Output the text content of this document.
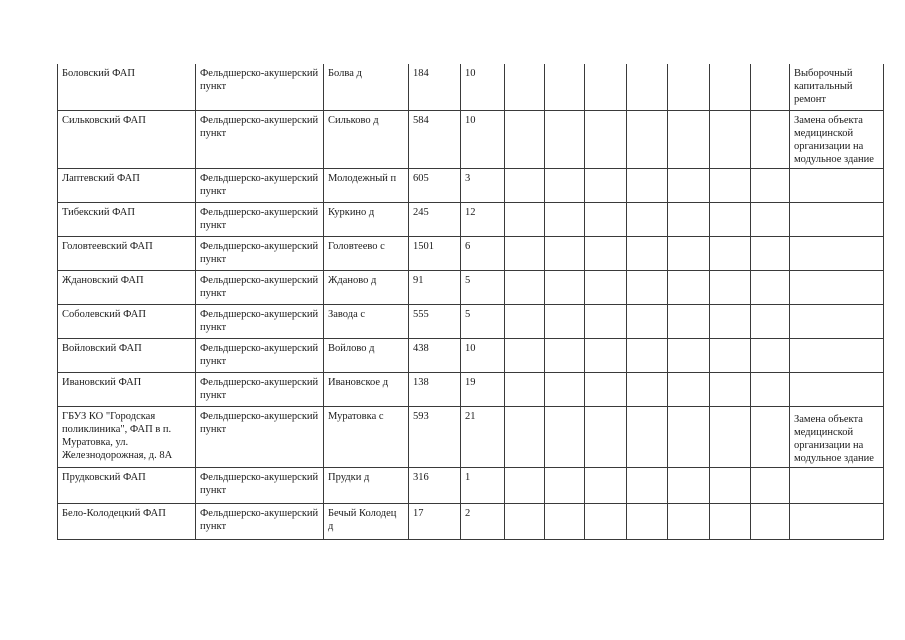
Боловский ФАП	Фельдшерско-акушерский пункт	Болва д	184	10								Выборочный капитальный ремонт
Сильковский ФАП	Фельдшерско-акушерский пункт	Сильково д	584	10								Замена объекта медицинской организации на модульное здание
Лаптевский ФАП	Фельдшерско-акушерский пункт	Молодежный п	605	3								
Тибекский ФАП	Фельдшерско-акушерский пункт	Куркино д	245	12								
Головтеевский ФАП	Фельдшерско-акушерский пункт	Головтеево с	1501	6								
Ждановский ФАП	Фельдшерско-акушерский пункт	Жданово д	91	5								
Соболевский ФАП	Фельдшерско-акушерский пункт	Завода с	555	5								
Войловский ФАП	Фельдшерско-акушерский пункт	Войлово д	438	10								
Ивановский ФАП	Фельдшерско-акушерский пункт	Ивановское д	138	19								
ГБУЗ КО "Городская поликлиника", ФАП в п. Муратовка, ул. Железнодорожная, д. 8А	Фельдшерско-акушерский пункт	Муратовка с	593	21								Замена объекта медицинской организации на модульное здание
Прудковский ФАП	Фельдшерско-акушерский пункт	Прудки д	316	1								
Бело-Колодецкий ФАП	Фельдшерско-акушерский пункт	Бечый Колодец д	17	2								
